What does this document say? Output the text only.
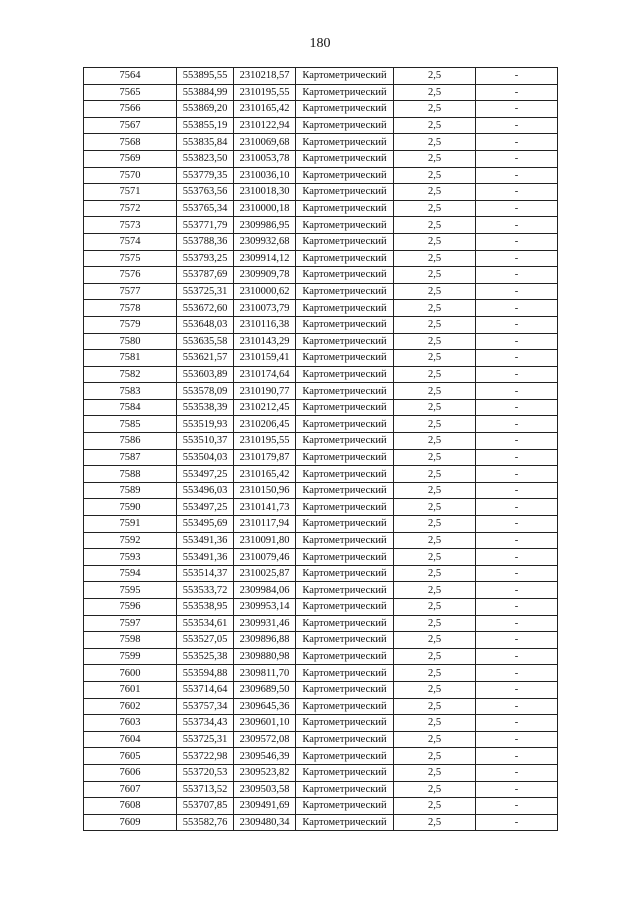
180
7564	553895,55	2310218,57	Картометрический	2,5	-
7565	553884,99	2310195,55	Картометрический	2,5	-
7566	553869,20	2310165,42	Картометрический	2,5	-
7567	553855,19	2310122,94	Картометрический	2,5	-
7568	553835,84	2310069,68	Картометрический	2,5	-
7569	553823,50	2310053,78	Картометрический	2,5	-
7570	553779,35	2310036,10	Картометрический	2,5	-
7571	553763,56	2310018,30	Картометрический	2,5	-
7572	553765,34	2310000,18	Картометрический	2,5	-
7573	553771,79	2309986,95	Картометрический	2,5	-
7574	553788,36	2309932,68	Картометрический	2,5	-
7575	553793,25	2309914,12	Картометрический	2,5	-
7576	553787,69	2309909,78	Картометрический	2,5	-
7577	553725,31	2310000,62	Картометрический	2,5	-
7578	553672,60	2310073,79	Картометрический	2,5	-
7579	553648,03	2310116,38	Картометрический	2,5	-
7580	553635,58	2310143,29	Картометрический	2,5	-
7581	553621,57	2310159,41	Картометрический	2,5	-
7582	553603,89	2310174,64	Картометрический	2,5	-
7583	553578,09	2310190,77	Картометрический	2,5	-
7584	553538,39	2310212,45	Картометрический	2,5	-
7585	553519,93	2310206,45	Картометрический	2,5	-
7586	553510,37	2310195,55	Картометрический	2,5	-
7587	553504,03	2310179,87	Картометрический	2,5	-
7588	553497,25	2310165,42	Картометрический	2,5	-
7589	553496,03	2310150,96	Картометрический	2,5	-
7590	553497,25	2310141,73	Картометрический	2,5	-
7591	553495,69	2310117,94	Картометрический	2,5	-
7592	553491,36	2310091,80	Картометрический	2,5	-
7593	553491,36	2310079,46	Картометрический	2,5	-
7594	553514,37	2310025,87	Картометрический	2,5	-
7595	553533,72	2309984,06	Картометрический	2,5	-
7596	553538,95	2309953,14	Картометрический	2,5	-
7597	553534,61	2309931,46	Картометрический	2,5	-
7598	553527,05	2309896,88	Картометрический	2,5	-
7599	553525,38	2309880,98	Картометрический	2,5	-
7600	553594,88	2309811,70	Картометрический	2,5	-
7601	553714,64	2309689,50	Картометрический	2,5	-
7602	553757,34	2309645,36	Картометрический	2,5	-
7603	553734,43	2309601,10	Картометрический	2,5	-
7604	553725,31	2309572,08	Картометрический	2,5	-
7605	553722,98	2309546,39	Картометрический	2,5	-
7606	553720,53	2309523,82	Картометрический	2,5	-
7607	553713,52	2309503,58	Картометрический	2,5	-
7608	553707,85	2309491,69	Картометрический	2,5	-
7609	553582,76	2309480,34	Картометрический	2,5	-
